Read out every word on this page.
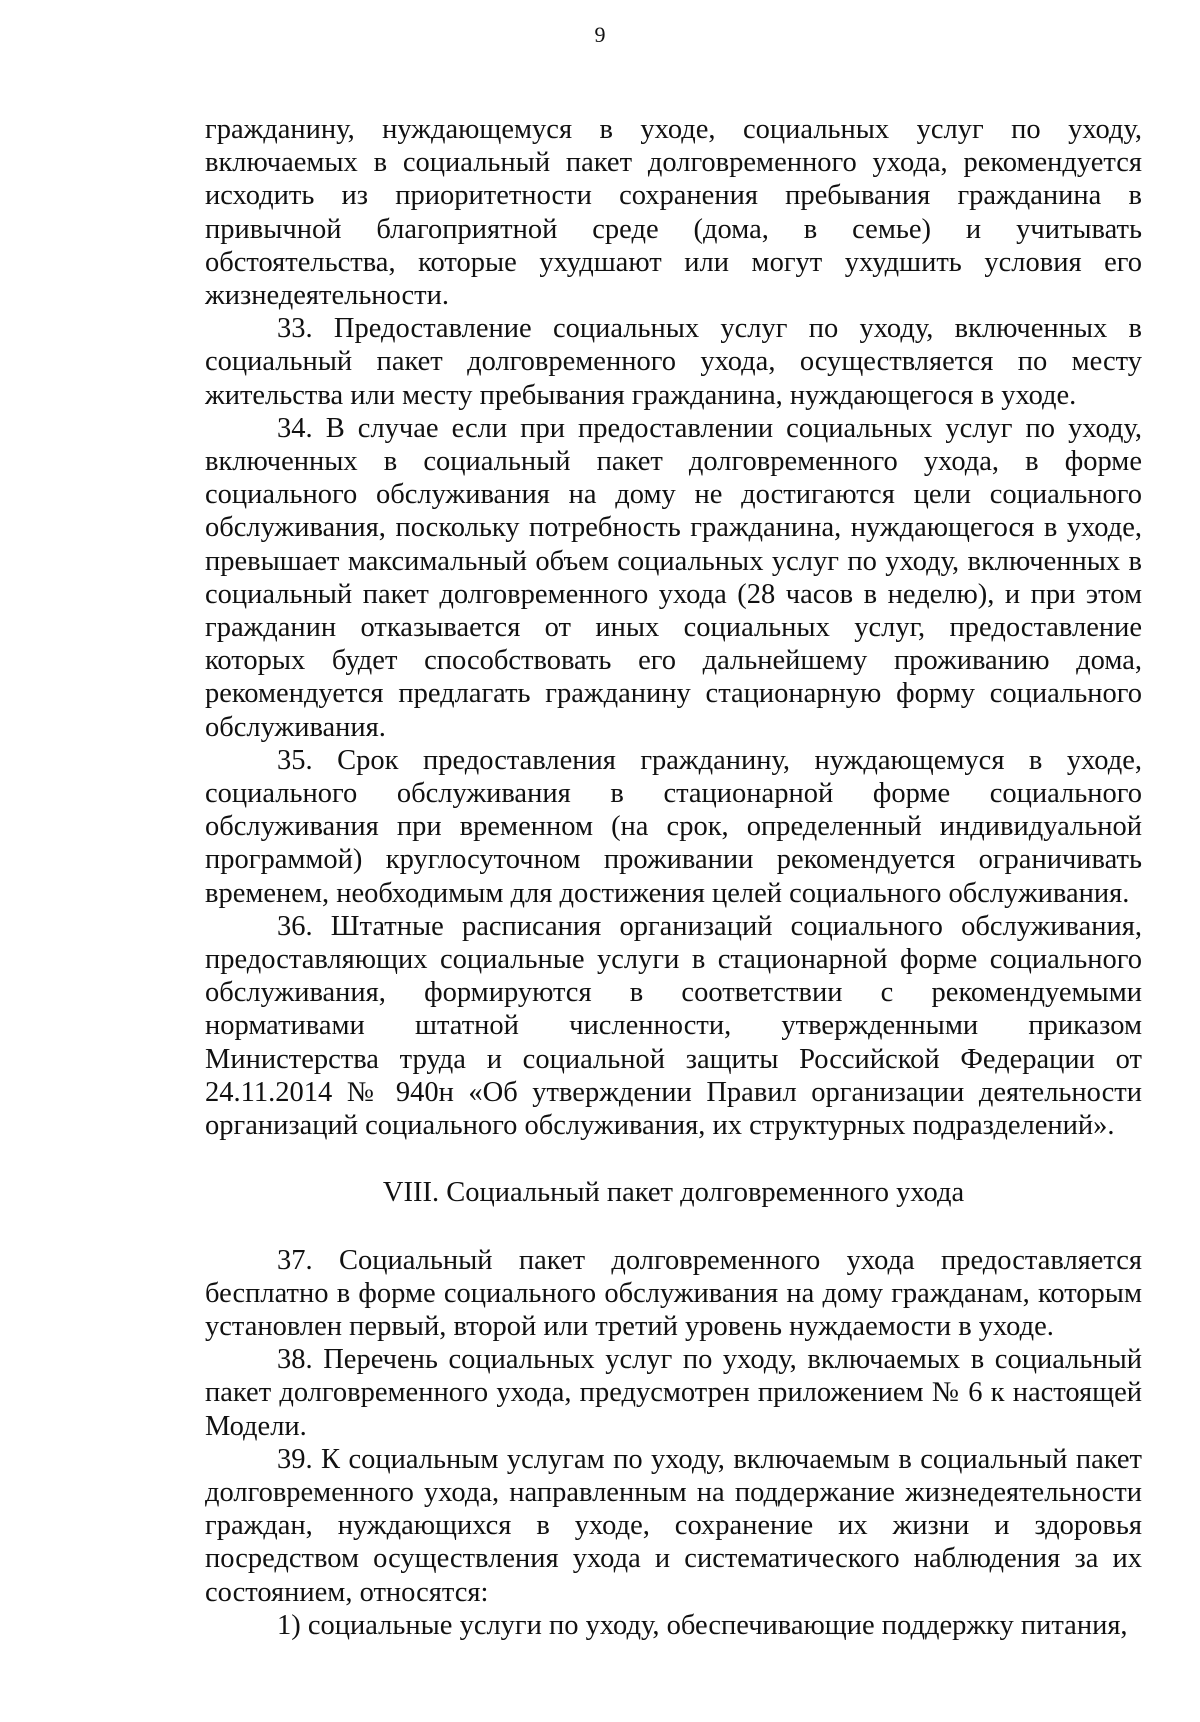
9

гражданину, нуждающемуся в уходе, социальных услуг по уходу, включаемых в социальный пакет долговременного ухода, рекомендуется исходить из приоритетности сохранения пребывания гражданина в привычной благоприятной среде (дома, в семье) и учитывать обстоятельства, которые ухудшают или могут ухудшить условия его жизнедеятельности.

33. Предоставление социальных услуг по уходу, включенных в социальный пакет долговременного ухода, осуществляется по месту жительства или месту пребывания гражданина, нуждающегося в уходе.

34. В случае если при предоставлении социальных услуг по уходу, включенных в социальный пакет долговременного ухода, в форме социального обслуживания на дому не достигаются цели социального обслуживания, поскольку потребность гражданина, нуждающегося в уходе, превышает максимальный объем социальных услуг по уходу, включенных в социальный пакет долговременного ухода (28 часов в неделю), и при этом гражданин отказывается от иных социальных услуг, предоставление которых будет способствовать его дальнейшему проживанию дома, рекомендуется предлагать гражданину стационарную форму социального обслуживания.

35. Срок предоставления гражданину, нуждающемуся в уходе, социального обслуживания в стационарной форме социального обслуживания при временном (на срок, определенный индивидуальной программой) круглосуточном проживании рекомендуется ограничивать временем, необходимым для достижения целей социального обслуживания.

36. Штатные расписания организаций социального обслуживания, предоставляющих социальные услуги в стационарной форме социального обслуживания, формируются в соответствии с рекомендуемыми нормативами штатной численности, утвержденными приказом Министерства труда и социальной защиты Российской Федерации от 24.11.2014 № 940н «Об утверждении Правил организации деятельности организаций социального обслуживания, их структурных подразделений».

VIII. Социальный пакет долговременного ухода

37. Социальный пакет долговременного ухода предоставляется бесплатно в форме социального обслуживания на дому гражданам, которым установлен первый, второй или третий уровень нуждаемости в уходе.

38. Перечень социальных услуг по уходу, включаемых в социальный пакет долговременного ухода, предусмотрен приложением № 6 к настоящей Модели.

39. К социальным услугам по уходу, включаемым в социальный пакет долговременного ухода, направленным на поддержание жизнедеятельности граждан, нуждающихся в уходе, сохранение их жизни и здоровья посредством осуществления ухода и систематического наблюдения за их состоянием, относятся:

1) социальные услуги по уходу, обеспечивающие поддержку питания,
